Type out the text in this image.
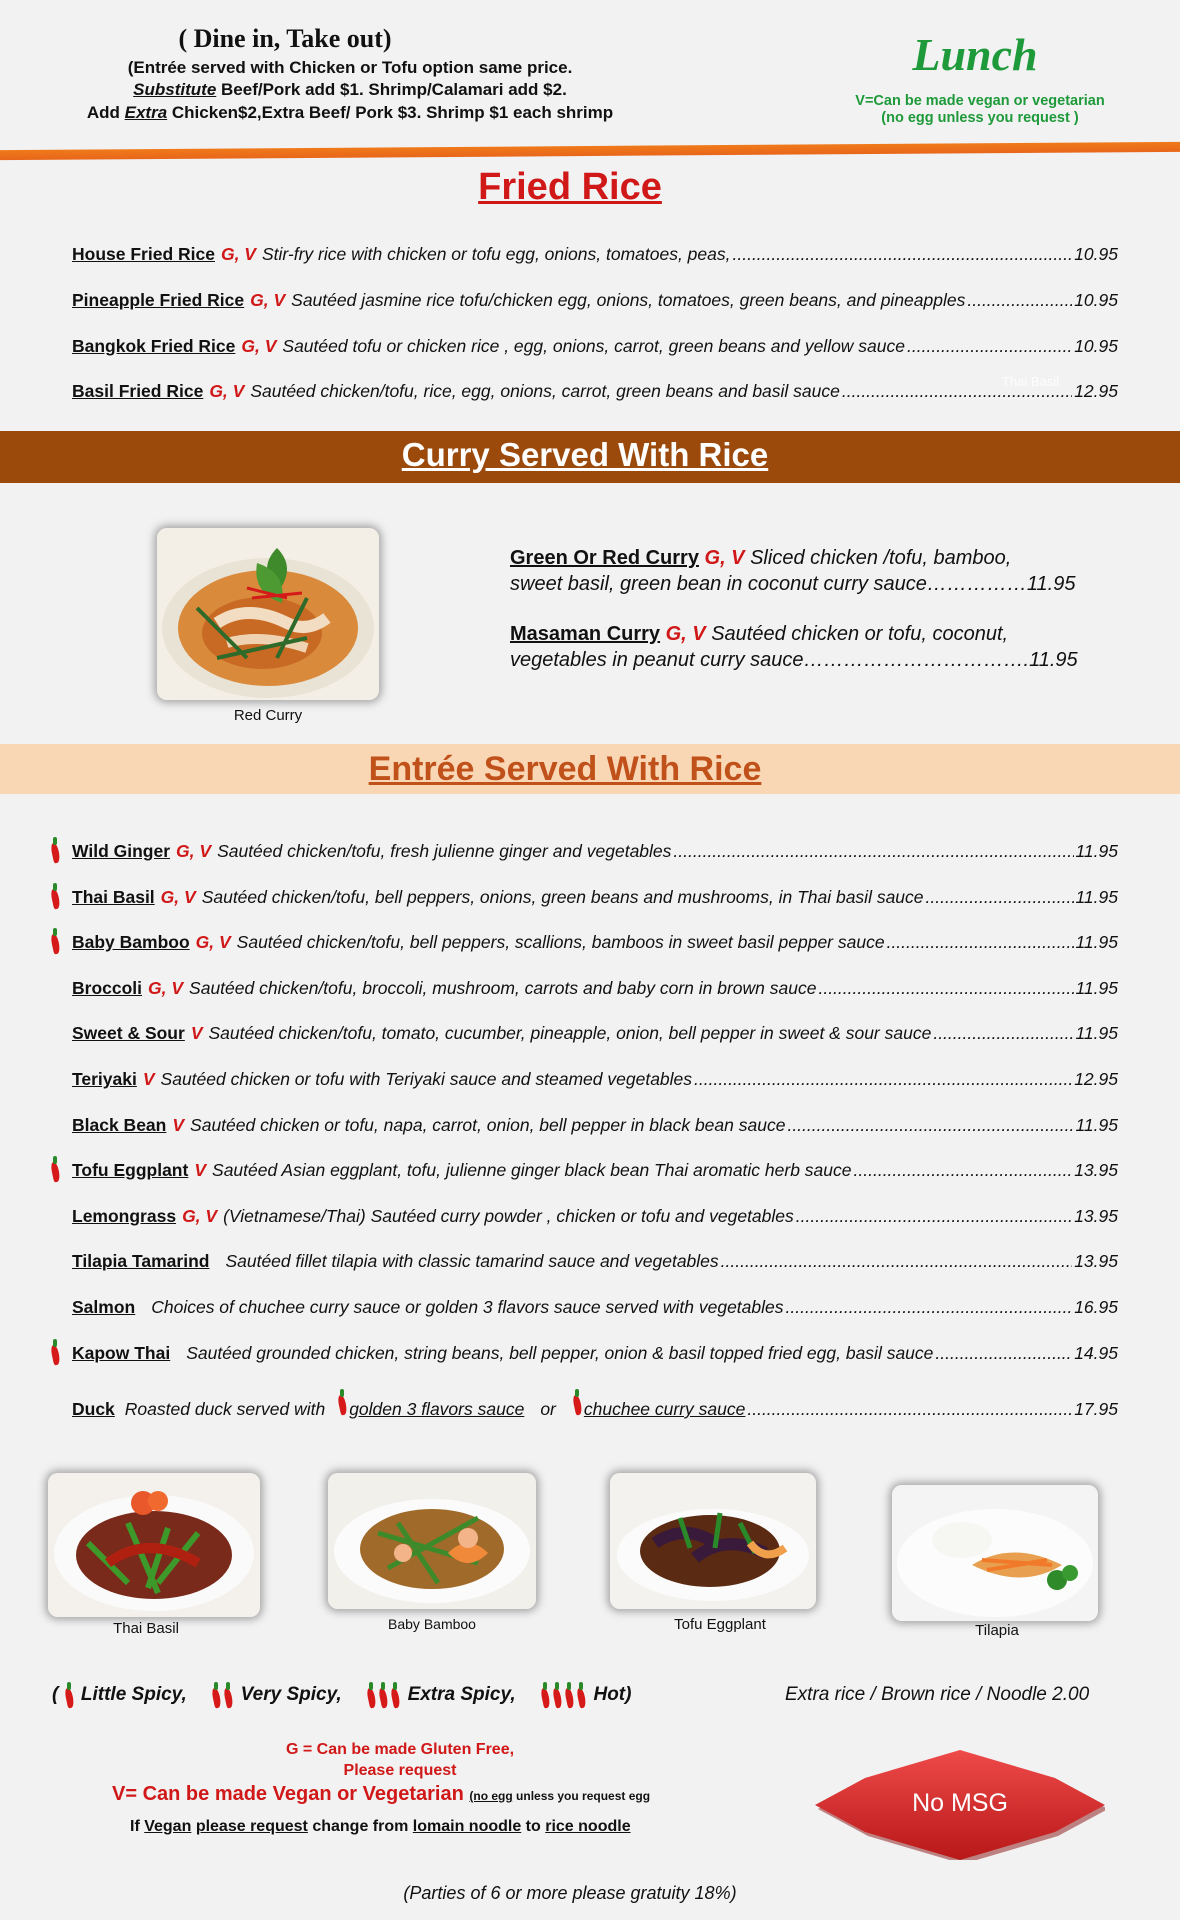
( Dine in, Take out)
(Entrée served with Chicken or Tofu option same price.
Substitute Beef/Pork add $1. Shrimp/Calamari add $2.
Add Extra Chicken$2,Extra Beef/ Pork $3. Shrimp $1 each shrimp
Lunch
V=Can be made vegan or vegetarian
(no egg unless you request )
Fried Rice
House Fried Rice G, V Stir-fry rice with chicken or tofu egg, onions, tomatoes, peas, .....	10.95
Pineapple Fried Rice G, V Sautéed jasmine rice tofu/chicken egg, onions, tomatoes, green beans, and pineapples .....	10.95
Bangkok Fried Rice G, V Sautéed tofu or chicken rice , egg, onions, carrot, green beans and yellow sauce .....	10.95
Basil Fried Rice G, V Sautéed chicken/tofu, rice, egg, onions, carrot, green beans and basil sauce .....	12.95
Thai Basil
Curry Served With Rice
Red Curry
Green Or Red Curry G, V Sliced chicken /tofu, bamboo,
sweet basil, green bean in coconut curry sauce……………11.95
Masaman Curry G, V Sautéed chicken or tofu, coconut,
vegetables in peanut curry sauce…………………………….11.95
Entrée Served With Rice
Wild Ginger G, V Sautéed chicken/tofu, fresh julienne ginger and vegetables .....	11.95
Thai Basil G, V Sautéed chicken/tofu, bell peppers, onions, green beans and mushrooms, in Thai basil sauce .....	11.95
Baby Bamboo G, V Sautéed chicken/tofu, bell peppers, scallions, bamboos in sweet basil pepper sauce .....	11.95
Broccoli G, V Sautéed chicken/tofu, broccoli, mushroom, carrots and baby corn in brown sauce .....	11.95
Sweet & Sour V Sautéed chicken/tofu, tomato, cucumber, pineapple, onion, bell pepper in sweet & sour sauce .....	11.95
Teriyaki V Sautéed chicken or tofu with Teriyaki sauce and steamed vegetables .....	12.95
Black Bean V Sautéed chicken or tofu, napa, carrot, onion, bell pepper in black bean sauce .....	11.95
Tofu Eggplant V Sautéed Asian eggplant, tofu, julienne ginger black bean Thai aromatic herb sauce .....	13.95
Lemongrass G, V (Vietnamese/Thai) Sautéed curry powder , chicken or tofu and vegetables .....	13.95
Tilapia Tamarind Sautéed fillet tilapia with classic tamarind sauce and vegetables .....	13.95
Salmon Choices of chuchee curry sauce or golden 3 flavors sauce served with vegetables .....	16.95
Kapow Thai Sautéed grounded chicken, string beans, bell pepper, onion & basil topped fried egg, basil sauce .....	14.95
Duck Roasted duck served with golden 3 flavors sauce or chuchee curry sauce .....	17.95
Thai Basil	Baby Bamboo	Tofu Eggplant	Tilapia
( Little Spicy,	Very Spicy,	Extra Spicy,	Hot)	Extra rice / Brown rice / Noodle 2.00
G = Can be made Gluten Free,
Please request
V= Can be made Vegan or Vegetarian (no egg unless you request egg
If Vegan please request change from lomain noodle to rice noodle
(Parties of 6 or more please gratuity 18%)
No MSG
